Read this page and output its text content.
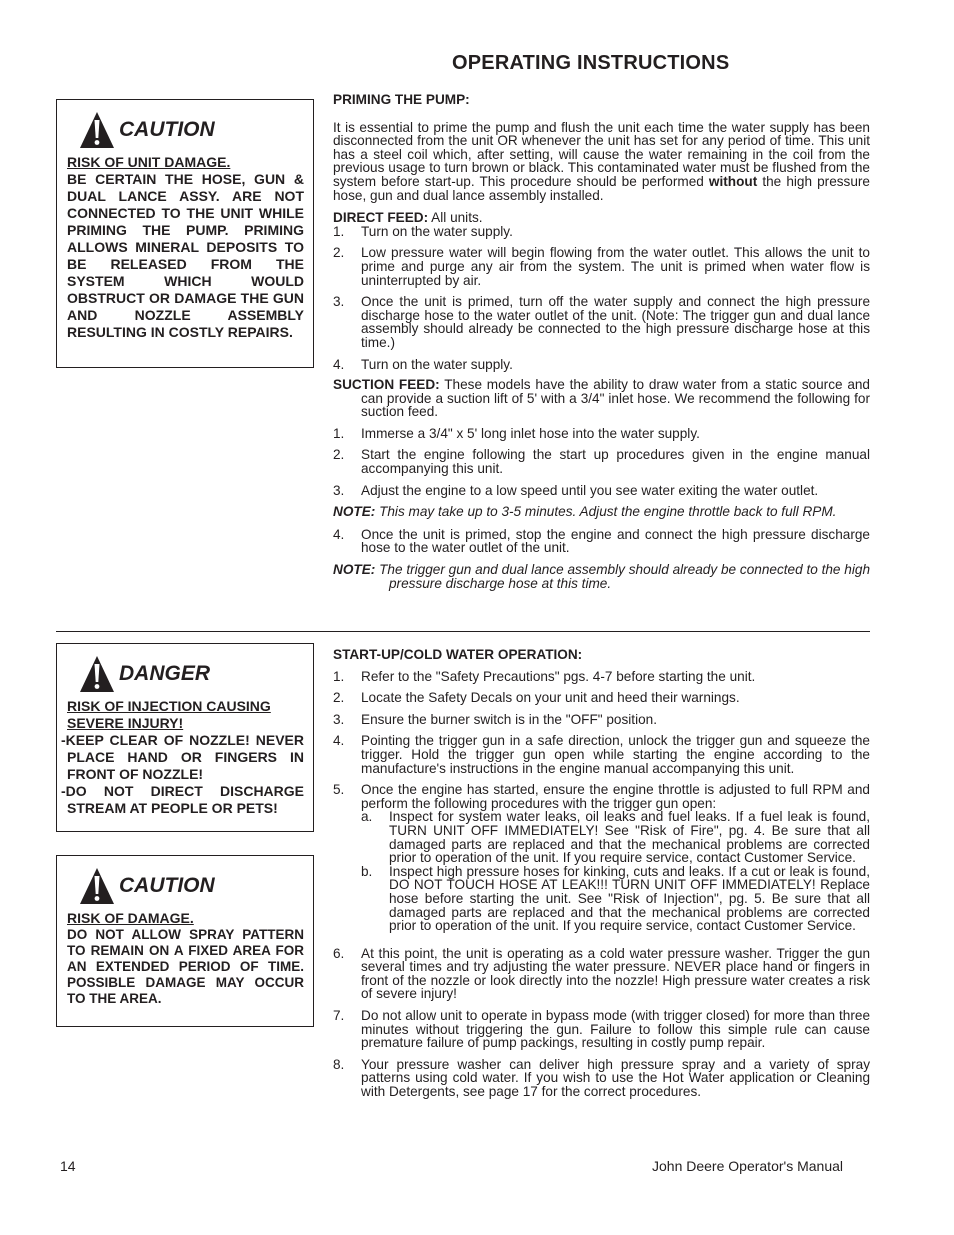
OPERATING INSTRUCTIONS
CAUTION
RISK OF UNIT DAMAGE.
BE CERTAIN THE HOSE, GUN & DUAL LANCE ASSY. ARE NOT CONNECTED TO THE UNIT WHILE PRIMING THE PUMP. PRIMING ALLOWS MINERAL DEPOSITS TO BE RELEASED FROM THE SYSTEM WHICH WOULD OBSTRUCT OR DAMAGE THE GUN AND NOZZLE ASSEMBLY RESULTING IN COSTLY REPAIRS.
DANGER
RISK OF INJECTION CAUSING SEVERE INJURY!
-KEEP CLEAR OF NOZZLE! NEVER PLACE HAND OR FINGERS IN FRONT OF NOZZLE!
-DO NOT DIRECT DISCHARGE STREAM AT PEOPLE OR PETS!
CAUTION
RISK OF DAMAGE.
DO NOT ALLOW SPRAY PATTERN TO REMAIN ON A FIXED AREA FOR AN EXTENDED PERIOD OF TIME. POSSIBLE DAMAGE MAY OCCUR TO THE AREA.
PRIMING THE PUMP:
It is essential to prime the pump and flush the unit each time the water supply has been disconnected from the unit OR whenever the unit has set for any period of time. This unit has a steel coil which, after setting, will cause the water remaining in the coil from the previous usage to turn brown or black. This contaminated water must be flushed from the system before start-up. This procedure should be performed without the high pressure hose, gun and dual lance assembly installed.
DIRECT FEED: All units.
1. Turn on the water supply.
2. Low pressure water will begin flowing from the water outlet. This allows the unit to prime and purge any air from the system. The unit is primed when water flow is uninterrupted by air.
3. Once the unit is primed, turn off the water supply and connect the high pressure discharge hose to the water outlet of the unit. (Note: The trigger gun and dual lance assembly should already be connected to the high pressure discharge hose at this time.)
4. Turn on the water supply.
SUCTION FEED: These models have the ability to draw water from a static source and can provide a suction lift of 5' with a 3/4" inlet hose. We recommend the following for suction feed.
1. Immerse a 3/4" x 5' long inlet hose into the water supply.
2. Start the engine following the start up procedures given in the engine manual accompanying this unit.
3. Adjust the engine to a low speed until you see water exiting the water outlet.
NOTE: This may take up to 3-5 minutes. Adjust the engine throttle back to full RPM.
4. Once the unit is primed, stop the engine and connect the high pressure discharge hose to the water outlet of the unit.
NOTE: The trigger gun and dual lance assembly should already be connected to the high pressure discharge hose at this time.
START-UP/COLD WATER OPERATION:
1. Refer to the "Safety Precautions" pgs. 4-7 before starting the unit.
2. Locate the Safety Decals on your unit and heed their warnings.
3. Ensure the burner switch is in the "OFF" position.
4. Pointing the trigger gun in a safe direction, unlock the trigger gun and squeeze the trigger. Hold the trigger gun open while starting the engine according to the manufacture's instructions in the engine manual accompanying this unit.
5. Once the engine has started, ensure the engine throttle is adjusted to full RPM and perform the following procedures with the trigger gun open:
a. Inspect for system water leaks, oil leaks and fuel leaks. If a fuel leak is found, TURN UNIT OFF IMMEDIATELY! See "Risk of Fire", pg. 4. Be sure that all damaged parts are replaced and that the mechanical problems are corrected prior to operation of the unit. If you require service, contact Customer Service.
b. Inspect high pressure hoses for kinking, cuts and leaks. If a cut or leak is found, DO NOT TOUCH HOSE AT LEAK!!! TURN UNIT OFF IMMEDIATELY! Replace hose before starting the unit. See "Risk of Injection", pg. 5. Be sure that all damaged parts are replaced and that the mechanical problems are corrected prior to operation of the unit. If you require service, contact Customer Service.
6. At this point, the unit is operating as a cold water pressure washer. Trigger the gun several times and try adjusting the water pressure. NEVER place hand or fingers in front of the nozzle or look directly into the nozzle! High pressure water creates a risk of severe injury!
7. Do not allow unit to operate in bypass mode (with trigger closed) for more than three minutes without triggering the gun. Failure to follow this simple rule can cause premature failure of pump packings, resulting in costly pump repair.
8. Your pressure washer can deliver high pressure spray and a variety of spray patterns using cold water. If you wish to use the Hot Water application or Cleaning with Detergents, see page 17 for the correct procedures.
14	John Deere Operator's Manual
